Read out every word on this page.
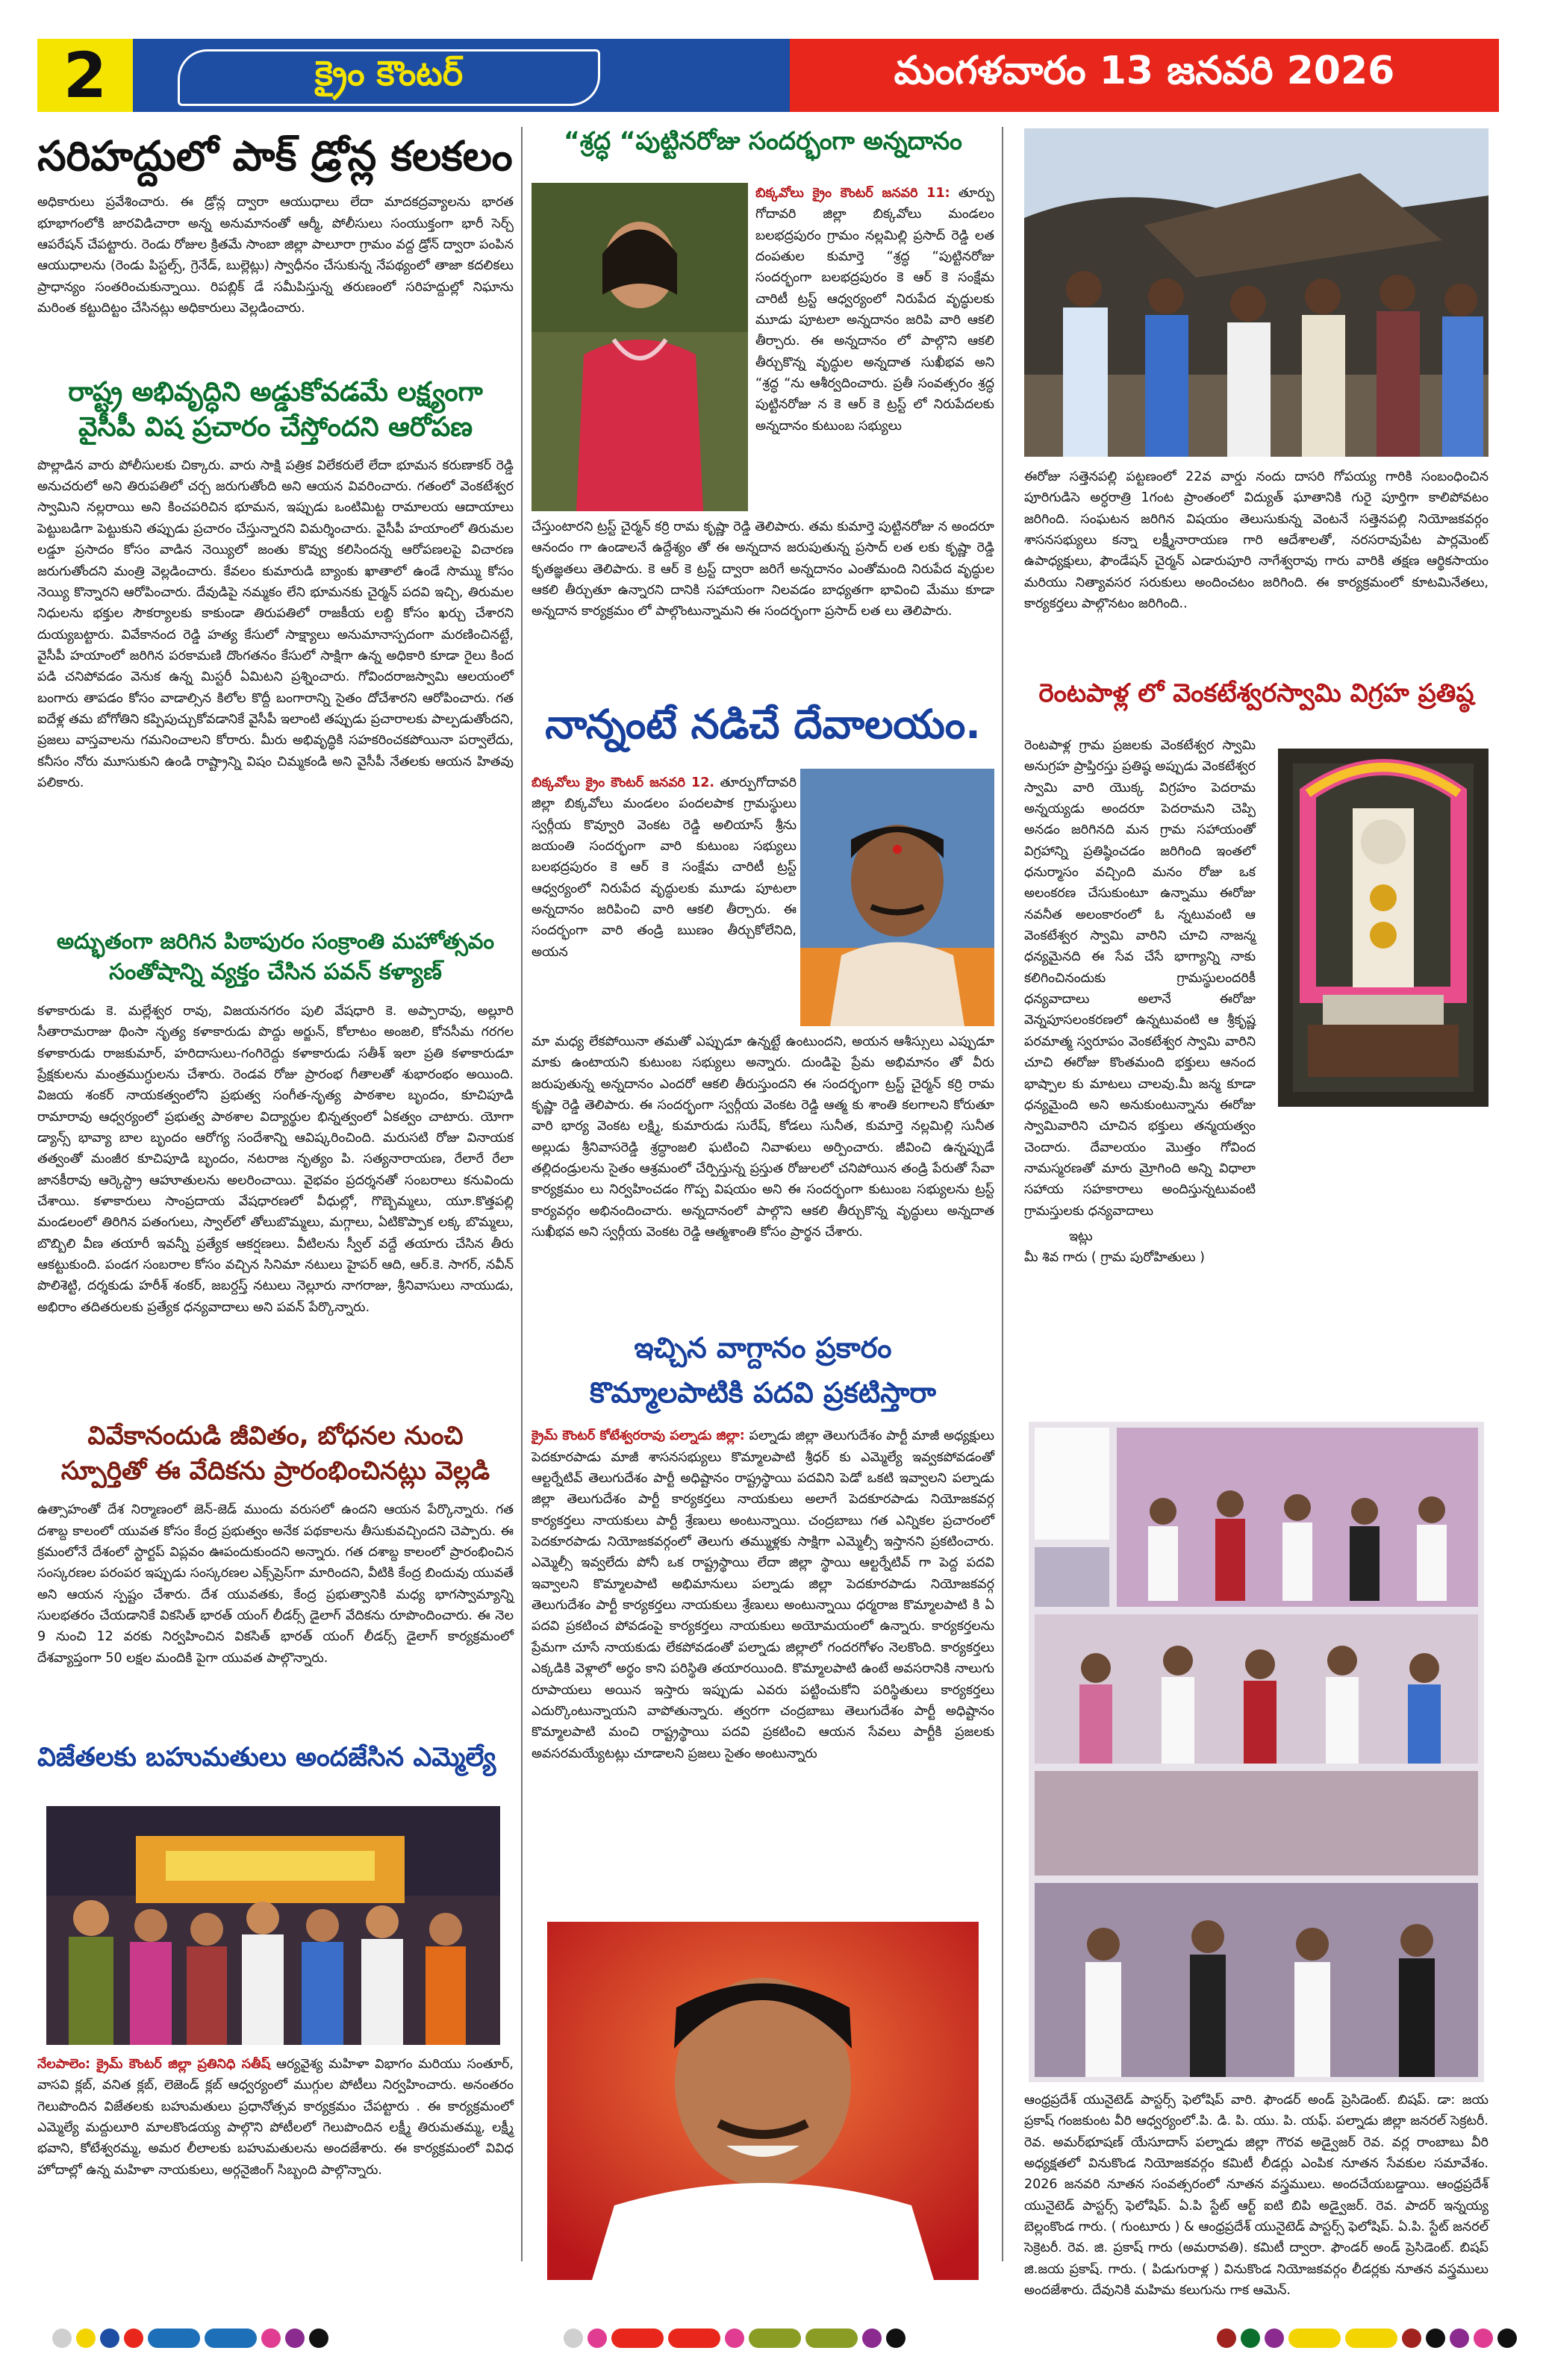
2	క్రైం కౌంటర్	మంగళవారం 13 జనవరి 2026
సరిహద్దులో పాక్ డ్రోన్ల కలకలం
అధికారులు ప్రవేశించారు. ఈ డ్రోన్ల ద్వారా ఆయుధాలు లేదా మాదకద్రవ్యాలను భారత భూభాగంలోకి జారవిడిచారా అన్న అనుమానంతో ఆర్మీ, పోలీసులు సంయుక్తంగా భారీ సెర్చ్ ఆపరేషన్ చేపట్టారు. రెండు రోజుల క్రితమే సాంబా జిల్లా పాలూరా గ్రామం వద్ద డ్రోన్ ద్వారా పంపిన ఆయుధాలను (రెండు పిస్టల్స్, గ్రెనేడ్, బుల్లెట్లు) స్వాధీనం చేసుకున్న నేపథ్యంలో తాజా కదలికలు ప్రాధాన్యం సంతరించుకున్నాయి. రిపబ్లిక్ డే సమీపిస్తున్న తరుణంలో సరిహద్దుల్లో నిఘాను మరింత కట్టుదిట్టం చేసినట్లు అధికారులు వెల్లడించారు.
రాష్ట్ర అభివృద్ధిని అడ్డుకోవడమే లక్ష్యంగా
వైసీపీ విష ప్రచారం చేస్తోందని ఆరోపణ
పొల్లాడిన వారు పోలీసులకు చిక్కారు. వారు సాక్షి పత్రిక విలేకరులే లేదా భూమన కరుణాకర్ రెడ్డి అనుచరులో అని తిరుపతిలో చర్చ జరుగుతోంది అని ఆయన వివరించారు. గతంలో వెంకటేశ్వర స్వామిని నల్లరాయి అని కించపరిచిన భూమన, ఇప్పుడు ఒంటిమిట్ట రామాలయ ఆదాయాలు పెట్టుబడిగా పెట్టుకుని తప్పుడు ప్రచారం చేస్తున్నారని విమర్శించారు. వైసీపీ హయాంలో తిరుమల లడ్డూ ప్రసాదం కోసం వాడిన నెయ్యిలో జంతు కొవ్వు కలిసిందన్న ఆరోపణలపై విచారణ జరుగుతోందని మంత్రి వెల్లడించారు. కేవలం కుమారుడి బ్యాంకు ఖాతాలో ఉండే సొమ్ము కోసం నెయ్యి కొన్నారని ఆరోపించారు. దేవుడిపై నమ్మకం లేని భూమనకు చైర్మన్ పదవి ఇచ్చి, తిరుమల నిధులను భక్తుల సౌకర్యాలకు కాకుండా తిరుపతిలో రాజకీయ లబ్ది కోసం ఖర్చు చేశారని దుయ్యబట్టారు. వివేకానంద రెడ్డి హత్య కేసులో సాక్ష్యాలు అనుమానాస్పదంగా మరణించినట్టే, వైసీపీ హయాంలో జరిగిన పరకామణి దొంగతనం కేసులో సాక్షిగా ఉన్న అధికారి కూడా రైలు కింద పడి చనిపోవడం వెనుక ఉన్న మిస్టరీ ఏమిటని ప్రశ్నించారు. గోవిందరాజస్వామి ఆలయంలో బంగారు తాపడం కోసం వాడాల్సిన కిలోల కొద్దీ బంగారాన్ని సైతం దోచేశారని ఆరోపించారు. గత ఐదేళ్ల తమ బోగోతిని కప్పిపుచ్చుకోవడానికే వైసీపీ ఇలాంటి తప్పుడు ప్రచారాలకు పాల్పడుతోందని, ప్రజలు వాస్తవాలను గమనించాలని కోరారు. మీరు అభివృద్ధికి సహకరించకపోయినా పర్వాలేదు, కనీసం నోరు మూసుకుని ఉండి రాష్ట్రాన్ని విషం చిమ్మకండి అని వైసీపీ నేతలకు ఆయన హితవు పలికారు.
అద్భుతంగా జరిగిన పిఠాపురం సంక్రాంతి మహోత్సవం
సంతోషాన్ని వ్యక్తం చేసిన పవన్ కళ్యాణ్
కళాకారుడు కె. మల్లేశ్వర రావు, విజయనగరం పులి వేషధారి కె. అప్పారావు, అల్లూరి సీతారామరాజు థింసా నృత్య కళాకారుడు పొద్దు అర్జున్, కోలాటం అంజలి, కోనసీమ గరగల కళాకారుడు రాజకుమార్, హరిదాసులు-గంగిరెద్దు కళాకారుడు సతీశ్ ఇలా ప్రతి కళాకారుడూ ప్రేక్షకులను మంత్రముగ్ధులను చేశారు. రెండవ రోజు ప్రారంభ గీతాలతో శుభారంభం అయింది. విజయ శంకర్ నాయకత్వంలోని ప్రభుత్వ సంగీత-నృత్య పాఠశాల బృందం, కూచిపూడి రామారావు ఆధ్వర్యంలో ప్రభుత్వ పాఠశాల విద్యార్థుల భిన్నత్వంలో ఏకత్వం చాటారు. యోగా డ్యాన్స్ భావ్యా బాల బృందం ఆరోగ్య సందేశాన్ని ఆవిష్కరించింది. మరుసటి రోజు వినాయక తత్వంతో మంజీర కూచిపూడి బృందం, నటరాజ నృత్యం పి. సత్యనారాయణ, రేలారే రేలా జానకీరావు ఆర్కెస్ట్రా ఆహూతులను అలరించాయి. వైభవం ప్రదర్శనతో సంబరాలు కనువిందు చేశాయి. కళాకారులు సాంప్రదాయ వేషధారణలో వీధుల్లో, గొబ్బెమ్మలు, యూ.కొత్తపల్లి మండలంలో తిరిగిన పతంగులు, స్వాల్‌లో తోలుబొమ్మలు, మగ్గాలు, ఏటికొప్పాక లక్క బొమ్మలు, బొబ్బిలి వీణ తయారీ ఇవన్నీ ప్రత్యేక ఆకర్షణలు. వీటిలను స్వీల్ వద్దే తయారు చేసిన తీరు ఆకట్టుకుంది. పండగ సంబరాల కోసం వచ్చిన సినిమా నటులు హైపర్ ఆది, ఆర్.కె. సాగర్, నవీన్ పొలిశెట్టి, దర్శకుడు హరీశ్ శంకర్, జబర్దస్త్ నటులు నెల్లూరు నాగరాజు, శ్రీనివాసులు నాయుడు, అభిరాం తదితరులకు ప్రత్యేక ధన్యవాదాలు అని పవన్ పేర్కొన్నారు.
వివేకానందుడి జీవితం, బోధనల నుంచి
స్పూర్తితో ఈ వేదికను ప్రారంభించినట్లు వెల్లడి
ఉత్సాహంతో దేశ నిర్మాణంలో జెన్-జెడ్ ముందు వరుసలో ఉందని ఆయన పేర్కొన్నారు. గత దశాబ్ద కాలంలో యువత కోసం కేంద్ర ప్రభుత్వం అనేక పథకాలను తీసుకువచ్చిందని చెప్పారు. ఈ క్రమంలోనే దేశంలో స్టార్టప్ విప్లవం ఊపందుకుందని అన్నారు. గత దశాబ్ద కాలంలో ప్రారంభించిన సంస్కరణల పరంపర ఇప్పుడు సంస్కరణల ఎక్స్‌ప్రెస్‌గా మారిందని, వీటికి కేంద్ర బిందువు యువతే అని ఆయన స్పష్టం చేశారు. దేశ యువతకు, కేంద్ర ప్రభుత్వానికి మధ్య భాగస్వామ్యాన్ని సులభతరం చేయడానికే వికసిత్ భారత్ యంగ్ లీడర్స్ డైలాగ్ వేదికను రూపొందించారు. ఈ నెల 9 నుంచి 12 వరకు నిర్వహించిన వికసిత్ భారత్ యంగ్ లీడర్స్ డైలాగ్ కార్యక్రమంలో దేశవ్యాప్తంగా 50 లక్షల మందికి పైగా యువత పాల్గొన్నారు.
విజేతలకు బహుమతులు అందజేసిన ఎమ్మెల్యే
నేలపాలెం: క్రైమ్ కౌంటర్ జిల్లా ప్రతినిధి సతీష్ ఆర్యవైశ్య మహిళా విభాగం మరియు సంతూర్, వాసవి క్లబ్, వనిత క్లబ్, లెజెండ్ క్లబ్ ఆధ్వర్యంలో ముగ్గుల పోటీలు నిర్వహించారు. అనంతరం గెలుపొందిన విజేతలకు బహుమతులు ప్రధానోత్సవ కార్యక్రమం చేపట్టారు . ఈ కార్యక్రమంలో ఎమ్మెల్యే మద్దులూరి మాలకొండయ్య పాల్గొని పోటీలలో గెలుపొందిన లక్ష్మీ తిరుమతమ్మ, లక్ష్మీ భవాని, కోటేశ్వరమ్మ, అమర లీలాలకు బహుమతులను అందజేశారు. ఈ కార్యక్రమంలో వివిధ హోదాల్లో ఉన్న మహిళా నాయకులు, అర్గనైజింగ్ సిబ్బంది పాల్గొన్నారు.
“శ్రద్ధ “పుట్టినరోజు సందర్భంగా అన్నదానం
బిక్కవోలు క్రైం కౌంటర్ జనవరి 11: తూర్పు గోదావరి జిల్లా బిక్కవోలు మండలం బలభద్రపురం గ్రామం నల్లమిల్లి ప్రసాద్ రెడ్డి లత దంపతుల కుమార్తె “శ్రద్ధ “పుట్టినరోజు సందర్భంగా బలభద్రపురం కె ఆర్ కె సంక్షేమ చారిటీ ట్రస్ట్ ఆధ్వర్యంలో నిరుపేద వృద్ధులకు మూడు పూటలా అన్నదానం జరిపి వారి ఆకలి తీర్చారు. ఈ అన్నదానం లో పాల్గొని ఆకలి తీర్చుకొన్న వృద్ధుల అన్నదాత సుఖీభవ అని “శ్రద్ధ “ను ఆశీర్వదించారు. ప్రతీ సంవత్సరం శ్రద్ధ పుట్టినరోజు న కె ఆర్ కె ట్రస్ట్ లో నిరుపేదలకు అన్నదానం కుటుంబ సభ్యులు
చేస్తుంటారని ట్రస్ట్ చైర్మన్ కర్రి రామ కృష్ణా రెడ్డి తెలిపారు. తమ కుమార్తె పుట్టినరోజు న అందరూ ఆనందం గా ఉండాలనే ఉద్దేశ్యం తో ఈ అన్నదాన జరుపుతున్న ప్రసాద్ లత లకు కృష్ణా రెడ్డి కృతజ్ఞతలు తెలిపారు. కె ఆర్ కె ట్రస్ట్ ద్వారా జరిగే అన్నదానం ఎంతోమంది నిరుపేద వృద్ధుల ఆకలి తీర్చుతూ ఉన్నారని దానికి సహాయంగా నిలవడం బాధ్యతగా భావించి మేము కూడా అన్నదాన కార్యక్రమం లో పాల్గొంటున్నామని ఈ సందర్భంగా ప్రసాద్ లత లు తెలిపారు.
నాన్నంటే నడిచే దేవాలయం.
బిక్కవోలు క్రైం కౌంటర్ జనవరి 12. తూర్పుగోదావరి జిల్లా బిక్కవోలు మండలం పందలపాక గ్రామస్థులు స్వర్గీయ కొవ్వూరి వెంకట రెడ్డి అలియాస్ శ్రీను జయంతి సందర్భంగా వారి కుటుంబ సభ్యులు బలభద్రపురం కె ఆర్ కె సంక్షేమ చారిటీ ట్రస్ట్ ఆధ్వర్యంలో నిరుపేద వృద్ధులకు మూడు పూటలా అన్నదానం జరిపించి వారి ఆకలి తీర్చారు. ఈ సందర్భంగా వారి తండ్రి ఋణం తీర్చుకోలేనిది, అయన
మా మధ్య లేకపోయినా తమతో ఎప్పుడూ ఉన్నట్టే ఉంటుందని, అయన ఆశీస్సులు ఎప్పుడూ మాకు ఉంటాయని కుటుంబ సభ్యులు అన్నారు. దుండిపై ప్రేమ అభిమానం తో వీరు జరుపుతున్న అన్నదానం ఎందరో ఆకలి తీరుస్తుందని ఈ సందర్భంగా ట్రస్ట్ చైర్మన్ కర్రి రామ కృష్ణా రెడ్డి తెలిపారు. ఈ సందర్భంగా స్వర్గీయ వెంకట రెడ్డి ఆత్మ కు శాంతి కలగాలని కోరుతూ వారి భార్య వెంకట లక్ష్మి, కుమారుడు సురేష్, కోడలు సునీత, కుమార్తె నల్లమిల్లి సునీత అల్లుడు శ్రీనివాసరెడ్డి శ్రద్ధాంజలి ఘటించి నివాళులు అర్పించారు. జీవించి ఉన్నప్పుడే తల్లిదండ్రులను సైతం ఆశ్రమంలో చేర్పిస్తున్న ప్రస్తుత రోజులలో చనిపోయిన తండ్రి పేరుతో సేవా కార్యక్రమం లు నిర్వహించడం గొప్ప విషయం అని ఈ సందర్భంగా కుటుంబ సభ్యులను ట్రస్ట్ కార్యవర్గం అభినందించారు. అన్నదానంలో పాల్గొని ఆకలి తీర్చుకొన్న వృద్ధులు అన్నదాత సుఖీభవ అని స్వర్గీయ వెంకట రెడ్డి ఆత్మశాంతి కోసం ప్రార్థన చేశారు.
ఇచ్చిన వాగ్దానం ప్రకారం
కొమ్మాలపాటికి పదవి ప్రకటిస్తారా
క్రైమ్ కౌంటర్ కోటేశ్వరరావు పల్నాడు జిల్లా: పల్నాడు జిల్లా తెలుగుదేశం పార్టీ మాజీ అధ్యక్షులు పెదకూరపాడు మాజీ శాసనసభ్యులు కొమ్మాలపాటి శ్రీధర్ కు ఎమ్మెల్యే ఇవ్వకపోవడంతో ఆల్టర్నేటివ్ తెలుగుదేశం పార్టీ అధిష్టానం రాష్ట్రస్థాయి పదవిని పెడో ఒకటి ఇవ్వాలని పల్నాడు జిల్లా తెలుగుదేశం పార్టీ కార్యకర్తలు నాయకులు అలాగే పెదకూరపాడు నియోజకవర్గ కార్యకర్తలు నాయకులు పార్టీ శ్రేణులు అంటున్నాయి. చంద్రబాబు గత ఎన్నికల ప్రచారంలో పెదకూరపాడు నియోజకవర్గంలో తెలుగు తమ్ముళ్లకు సాక్షిగా ఎమ్మెల్సీ ఇస్తానని ప్రకటించారు. ఎమ్మెల్సీ ఇవ్వలేదు పోనీ ఒక రాష్ట్రస్థాయి లేదా జిల్లా స్థాయి ఆల్టర్నేటివ్ గా పెద్ద పదవి ఇవ్వాలని కొమ్మాలపాటి అభిమానులు పల్నాడు జిల్లా పెదకూరపాడు నియోజకవర్గ తెలుగుదేశం పార్టీ కార్యకర్తలు నాయకులు శ్రేణులు అంటున్నాయి ధర్మరాజ కొమ్మాలపాటి కి ఏ పదవి ప్రకటించ పోవడంపై కార్యకర్తలు నాయకులు అయోమయంలో ఉన్నారు. కార్యకర్తలను ప్రేమగా చూసే నాయకుడు లేకపోవడంతో పల్నాడు జిల్లాలో గందరగోళం నెలకొంది. కార్యకర్తలు ఎక్కడికి వెళ్లాలో అర్థం కాని పరిస్థితి తయారయింది. కొమ్మాలపాటి ఉంటే అవసరానికి నాలుగు రూపాయలు అయిన ఇస్తారు ఇప్పుడు ఎవరు పట్టించుకోని పరిస్థితులు కార్యకర్తలు ఎదుర్కొంటున్నాయని వాపోతున్నారు. త్వరగా చంద్రబాబు తెలుగుదేశం పార్టీ అధిష్టానం కొమ్మాలపాటి మంచి రాష్ట్రస్థాయి పదవి ప్రకటించి ఆయన సేవలు పార్టీకి ప్రజలకు అవసరమయ్యేటట్లు చూడాలని ప్రజలు సైతం అంటున్నారు
ఈరోజు సత్తెనపల్లి పట్టణంలో 22వ వార్డు నందు దాసరి గోపయ్య గారికి సంబంధించిన పూరిగుడిసె అర్ధరాత్రి 1గంట ప్రాంతంలో విద్యుత్ ఘాతానికి గురై పూర్తిగా కాలిపోవటం జరిగింది. సంఘటన జరిగిన విషయం తెలుసుకున్న వెంటనే సత్తెనపల్లి నియోజకవర్గం శాసనసభ్యులు కన్నా లక్ష్మీనారాయణ గారి ఆదేశాలతో, నరసరావుపేట పార్లమెంట్ ఉపాధ్యక్షులు, ఫౌండేషన్ చైర్మన్ ఎడారుపూరి నాగేశ్వరావు గారు వారికి తక్షణ ఆర్థికసాయం మరియు నిత్యావసర సరుకులు అందించటం జరిగింది. ఈ కార్యక్రమంలో కూటమినేతలు, కార్యకర్తలు పాల్గొనటం జరిగింది..
రెంటపాళ్ల లో వెంకటేశ్వరస్వామి విగ్రహ ప్రతిష్ఠ
రెంటపాళ్ల గ్రామ ప్రజలకు వెంకటేశ్వర స్వామి అనుగ్రహ ప్రాప్తిరస్తు ప్రతిష్ఠ అప్పుడు వెంకటేశ్వర స్వామి వారి యొక్క విగ్రహం పెదరామ అన్నయ్యడు అందరూ పెదరామని చెప్పి అనడం జరిగినది మన గ్రామ సహాయంతో విగ్రహాన్ని ప్రతిష్ఠించడం జరిగింది ఇంతలో ధనుర్మాసం వచ్చింది మనం రోజు ఒక అలంకరణ చేసుకుంటూ ఉన్నాము ఈరోజు నవనీత అలంకారంలో ఓ న్నటువంటి ఆ వెంకటేశ్వర స్వామి వారిని చూచి నాజన్మ ధన్యమైనది ఈ సేవ చేసే భాగ్యాన్ని నాకు కలిగించినందుకు గ్రామస్థులందరికీ ధన్యవాదాలు అలానే ఈరోజు వెన్నపూసలంకరణలో ఉన్నటువంటి ఆ శ్రీకృష్ణ పరమాత్మ స్వరూపం వెంకటేశ్వర స్వామి వారిని చూచి ఈరోజు కొంతమంది భక్తులు ఆనంద భాష్పాల కు మాటలు చాలవు.మీ జన్మ కూడా ధన్యమైంది అని అనుకుంటున్నాను ఈరోజు స్వామివారిని చూచిన భక్తులు తన్మయత్వం చెందారు. దేవాలయం మొత్తం గోవింద నామస్మరణతో మారు మ్రోగింది అన్ని విధాలా సహాయ సహకారాలు అందిస్తున్నటువంటి గ్రామస్తులకు ధన్యవాదాలు
ఇట్లు
మీ శివ గారు ( గ్రామ పురోహితులు )
ఆంధ్రప్రదేశ్ యునైటెడ్ పాస్టర్స్ ఫెలోషిప్ వారి. ఫౌండర్ అండ్ ప్రెసిడెంట్. బిషప్. డా: జయ ప్రకాష్ గంజకుంట వీరి ఆధ్వర్యంలో.పి. డి. పి. యు. పి. యఫ్. పల్నాడు జిల్లా జనరల్ సెక్రటరీ. రెవ. అమర్‌భూషణ్ యేసూదాస్ పల్నాడు జిల్లా గౌరవ అడ్వైజర్ రెవ. వర్ల రాంబాబు వీరి అధ్యక్షతలో వినుకొండ నియోజకవర్గం కమిటీ లీడర్లు ఎంపిక నూతన సేవకుల సమావేశం. 2026 జనవరి నూతన సంవత్సరంలో నూతన వస్త్రములు. అందచేయబడ్డాయి. ఆంధ్రప్రదేశ్ యునైటెడ్ పాస్టర్స్ ఫెలోషిప్. ఏ.పి స్టేట్ ఆర్ట్ ఐటి బిపి అడ్వైజర్. రెవ. పాదర్ ఇన్నయ్య బెల్లంకొండ గారు. ( గుంటూరు ) & ఆంధ్రప్రదేశ్ యునైటెడ్ పాస్టర్స్ ఫెలోషిప్. ఏ.పి. స్టేట్ జనరల్ సెక్రెటరీ. రెవ. జి. ప్రకాష్ గారు (అమరావతి). కమిటీ ద్వారా. ఫౌండర్ అండ్ ప్రెసిడెంట్. బిషప్ జి.జయ ప్రకాష్. గారు. ( పిడుగురాళ్ల ) వినుకొండ నియోజకవర్గం లీడర్లకు నూతన వస్త్రములు అందజేశారు. దేవునికి మహిమ కలుగును గాక ఆమెన్.
